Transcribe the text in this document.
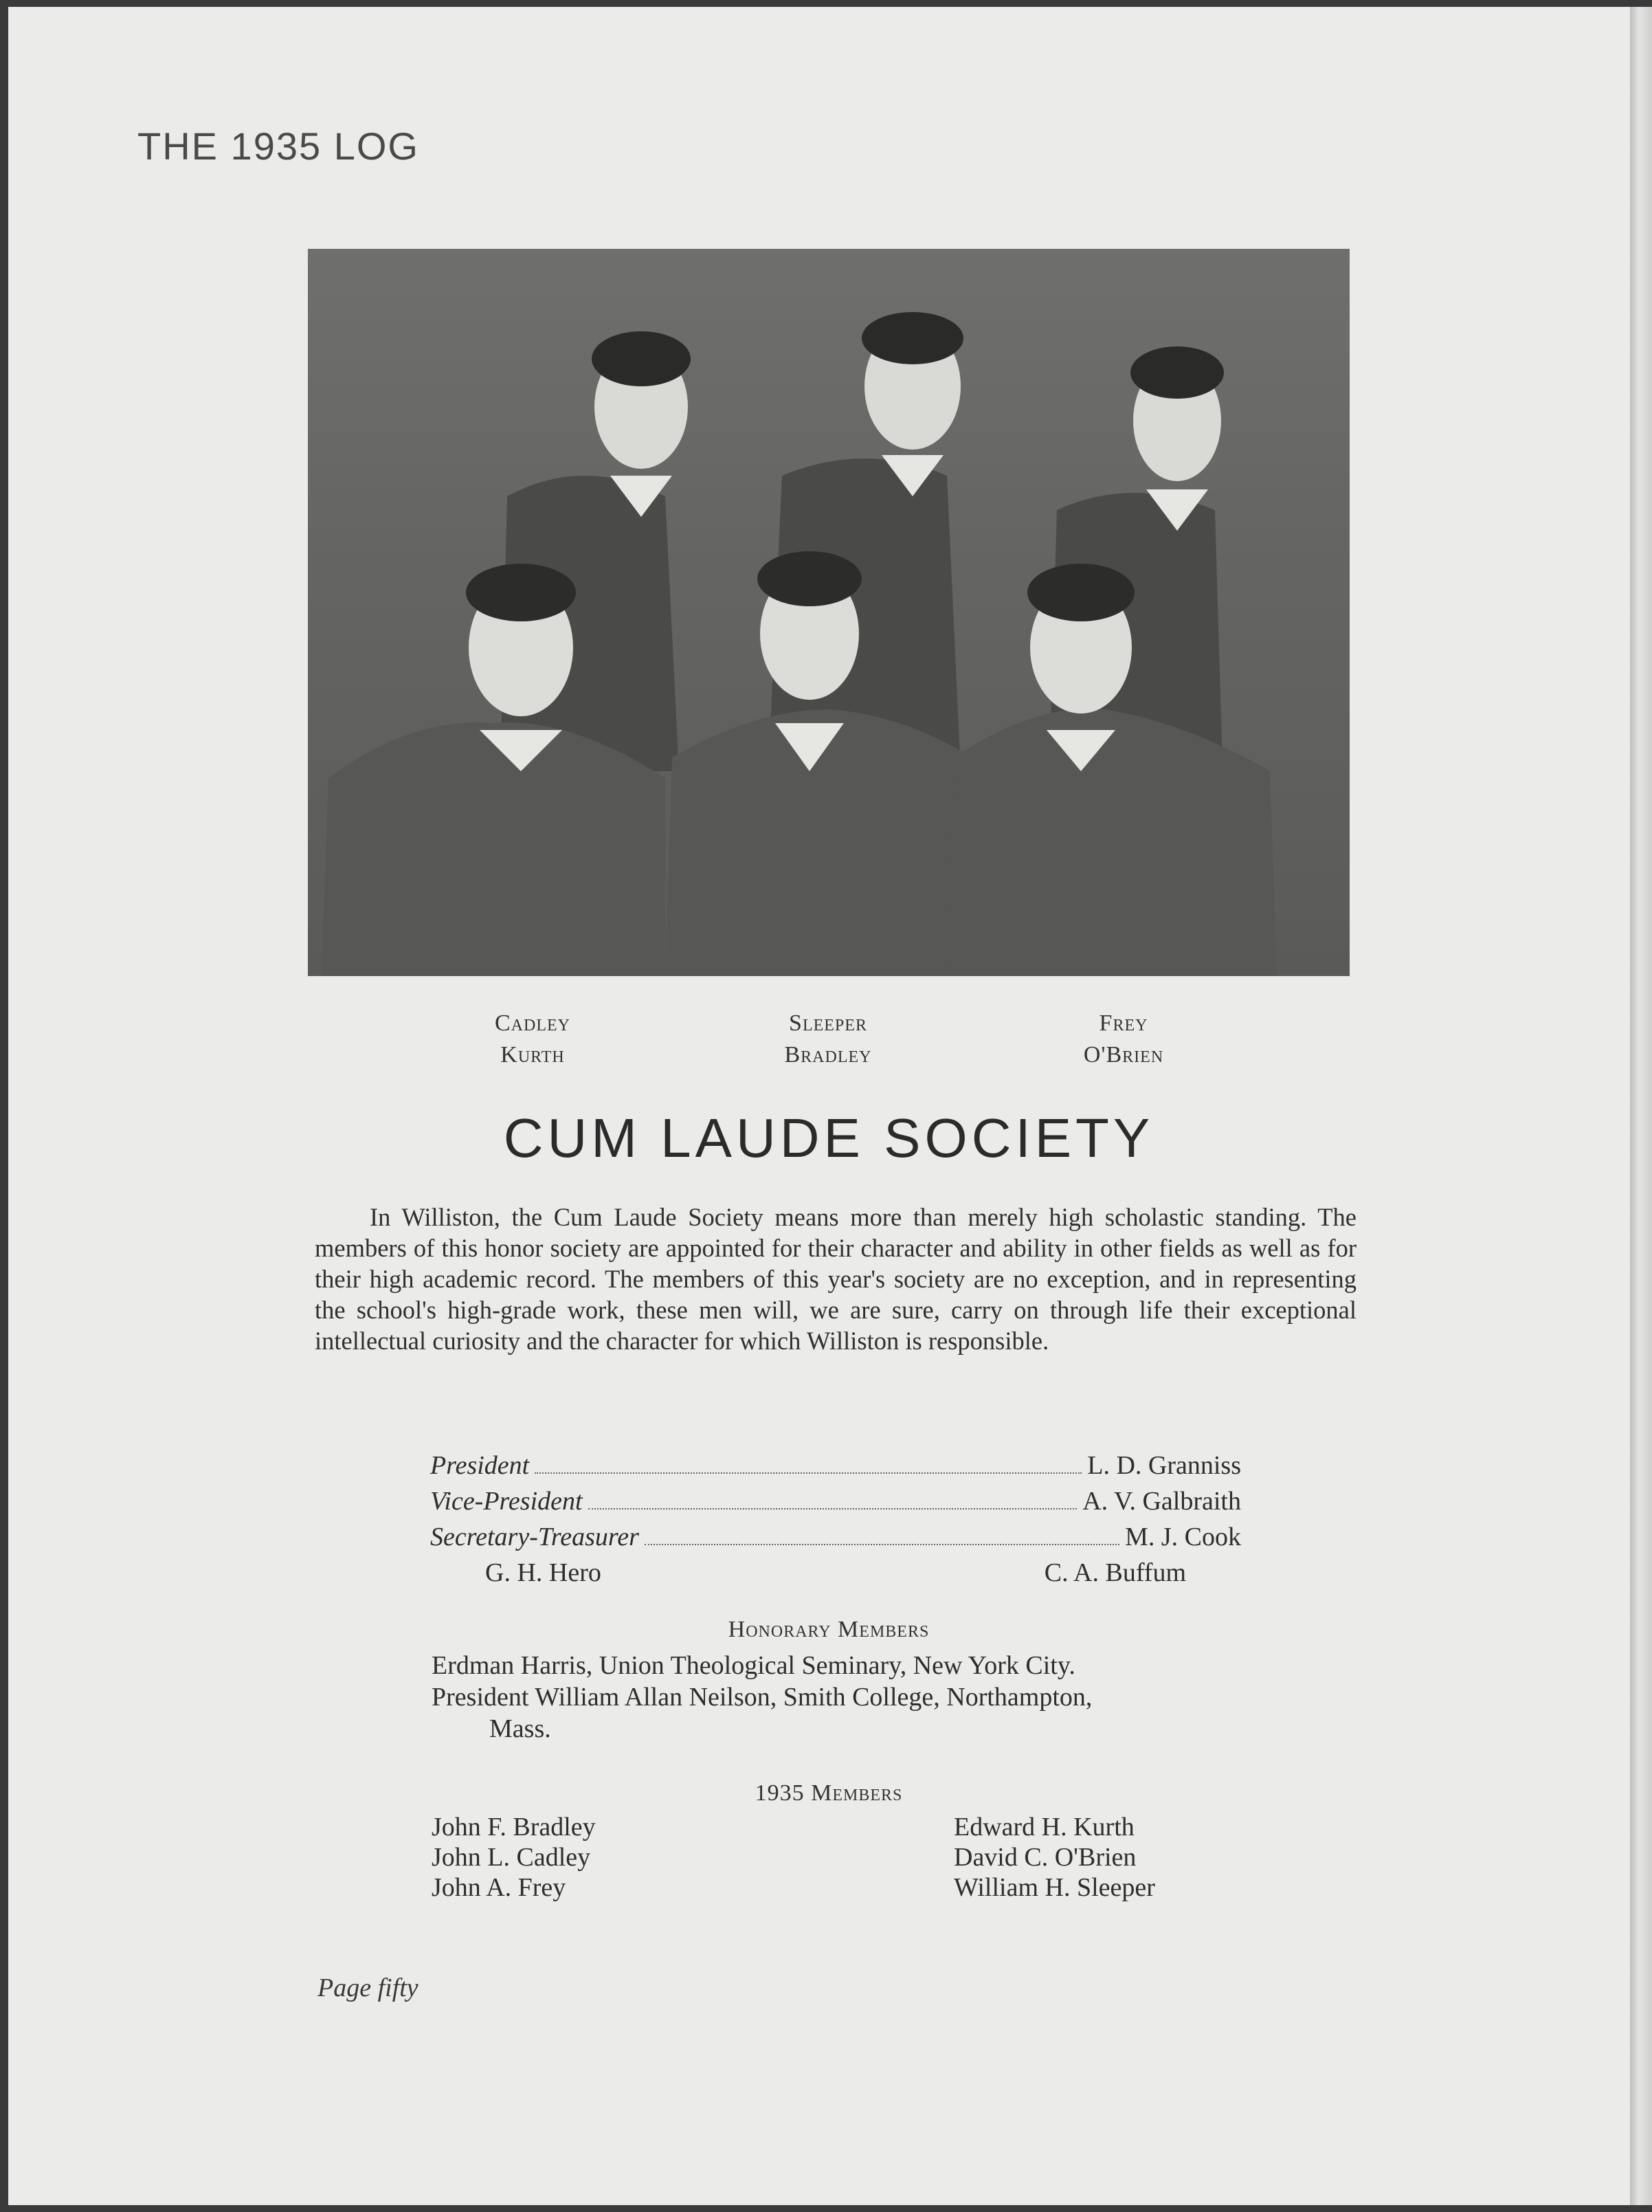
THE 1935 LOG
Cadley	Sleeper	Frey
Kurth	Bradley	O'Brien
CUM LAUDE SOCIETY
In Williston, the Cum Laude Society means more than merely high scholastic standing. The members of this honor society are appointed for their character and ability in other fields as well as for their high academic record. The members of this year's society are no exception, and in representing the school's high-grade work, these men will, we are sure, carry on through life their exceptional intellectual curiosity and the character for which Williston is responsible.
President	L. D. Granniss
Vice-President	A. V. Galbraith
Secretary-Treasurer	M. J. Cook
G. H. Hero	C. A. Buffum
Honorary Members
Erdman Harris, Union Theological Seminary, New York City.
President William Allan Neilson, Smith College, Northampton,
Mass.
1935 Members
John F. Bradley	Edward H. Kurth
John L. Cadley	David C. O'Brien
John A. Frey	William H. Sleeper
Page fifty
